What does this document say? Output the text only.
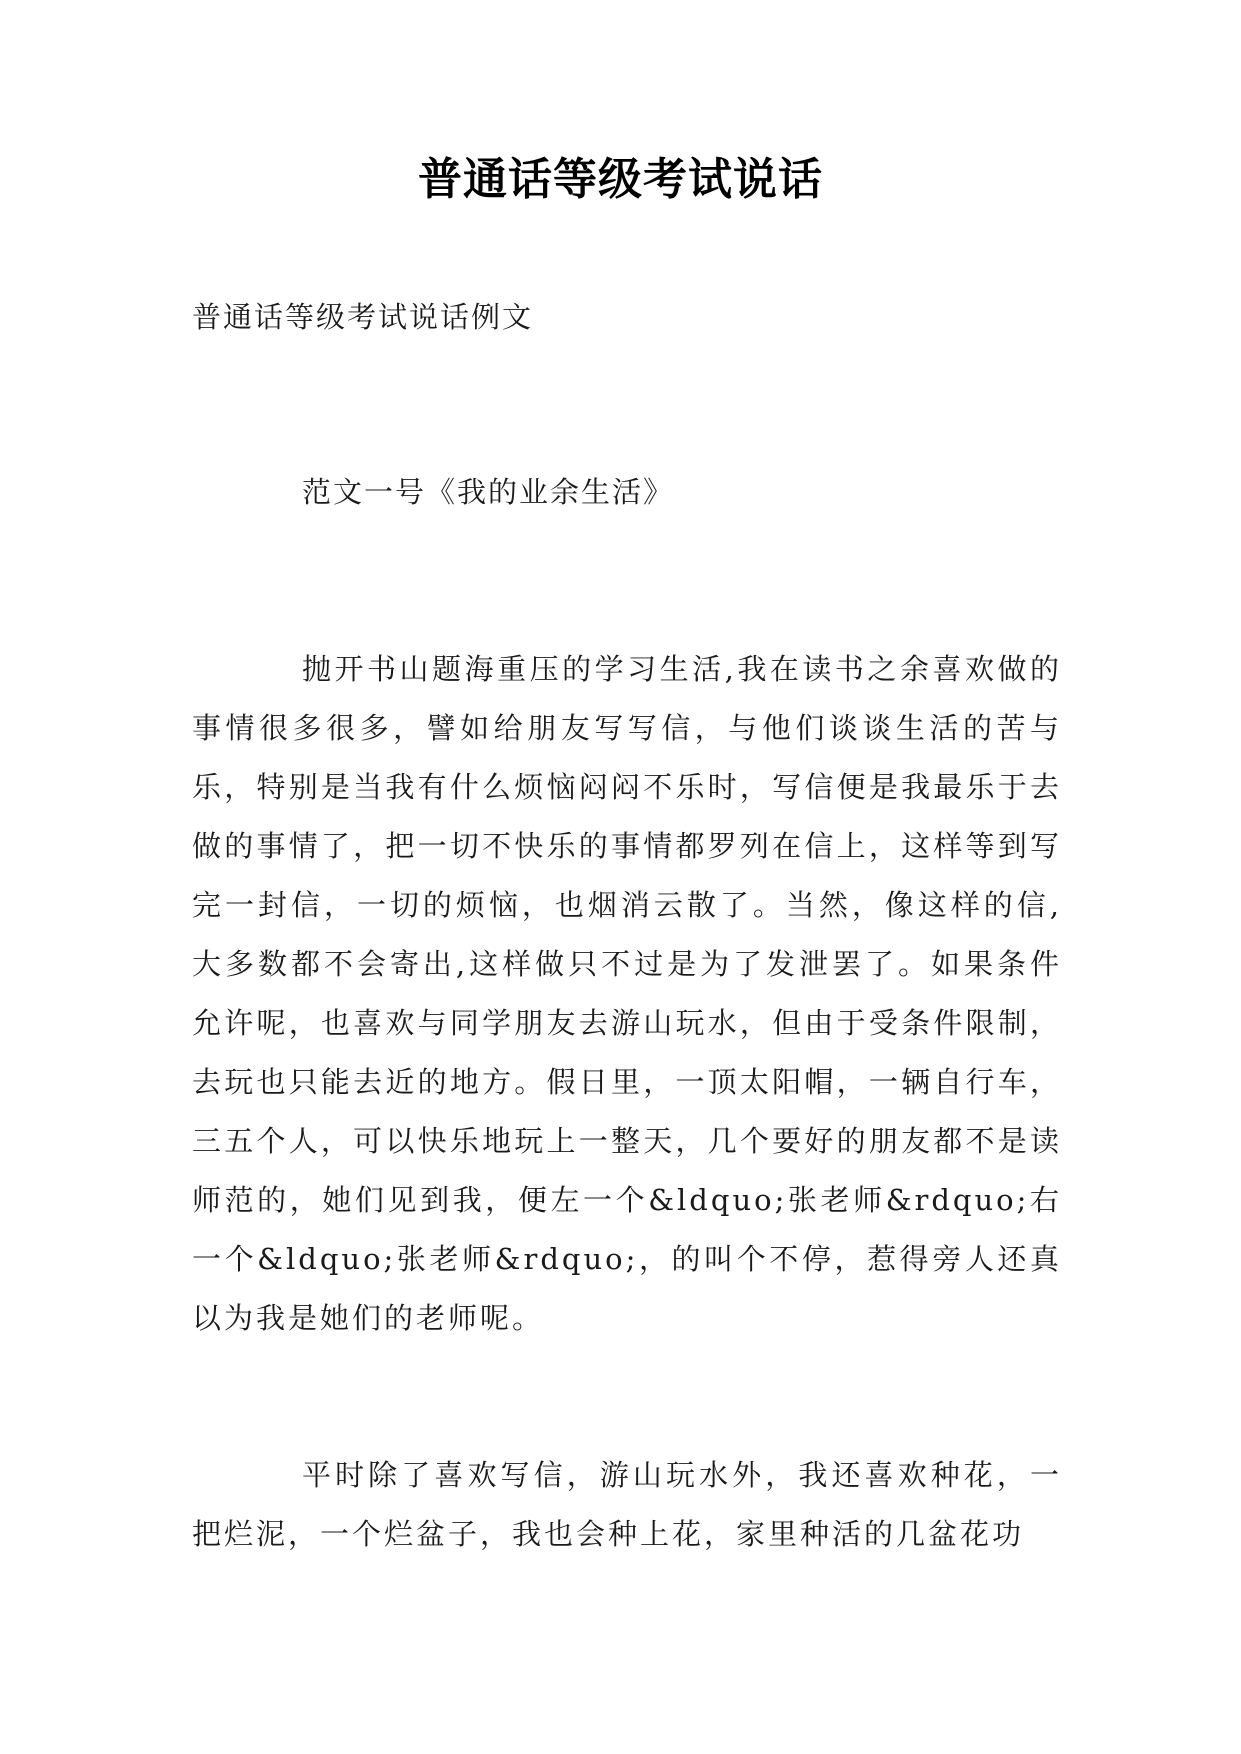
普通话等级考试说话

普通话等级考试说话例文

范文一号《我的业余生活》

抛开书山题海重压的学习生活,我在读书之余喜欢做的事情很多很多，譬如给朋友写写信，与他们谈谈生活的苦与乐，特别是当我有什么烦恼闷闷不乐时，写信便是我最乐于去做的事情了，把一切不快乐的事情都罗列在信上，这样等到写完一封信，一切的烦恼，也烟消云散了。当然，像这样的信,大多数都不会寄出,这样做只不过是为了发泄罢了。如果条件允许呢，也喜欢与同学朋友去游山玩水，但由于受条件限制，去玩也只能去近的地方。假日里，一顶太阳帽，一辆自行车，三五个人，可以快乐地玩上一整天，几个要好的朋友都不是读师范的，她们见到我，便左一个&ldquo;张老师&rdquo;右一个&ldquo;张老师&rdquo;，的叫个不停，惹得旁人还真以为我是她们的老师呢。

平时除了喜欢写信，游山玩水外，我还喜欢种花，一把烂泥，一个烂盆子，我也会种上花，家里种活的几盆花功
